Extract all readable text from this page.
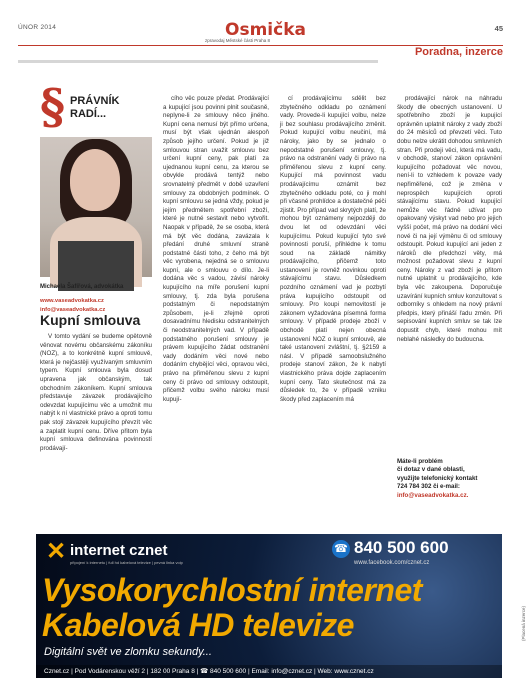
ÚNOR 2014	Osmička
zpravodaj Městské části Praha 8
45
Poradna, inzerce
§ PRÁVNÍK
RADÍ...
Michaela Šafířová, advokátka
www.vaseadvokatka.cz
info@vaseadvokatka.cz
Kupní smlouva

V tomto vydání se budeme opětovně věnovat novému občanskému zákoníku (NOZ), a to konkrétně kupní smlouvě, která je nejčastěji využívaným smluvním typem. Kupní smlouva byla dosud upravena jak občanským, tak obchodním zákoníkem. Kupní smlouva představuje závazek prodávajícího odevzdat kupujícímu věc a umožnit mu nabýt k ní vlastnické právo a oproti tomu pak stojí závazek kupujícího převzít věc a zaplatit kupní cenu. Dříve přitom byla kupní smlouva definována povinností prodávají-

cího věc pouze předat. Prodávající a kupující jsou povinni plnit současně, neplyne-li ze smlouvy něco jiného. Kupní cena nemusí být přímo určena, musí být však ujednán alespoň způsob jejího určení. Pokud je již smlouvou stran uvažit smlouvu bez určení kupní ceny, pak platí za ujednanou kupní cenu, za kterou se obvykle prodává tentýž nebo srovnatelný předmět v době uzavření smlouvy za obdobných podmínek. O kupní smlouvu se jedná vždy, pokud je jejím předmětem spotřební zboží, které je nutné sestavit nebo vytvořit. Naopak v případě, že se osoba, která má být věc dodána, zavázala k předání druhé smluvní straně podstatné části toho, z čeho má být věc vyrobena, nejedná se o smlouvu kupní, ale o smlouvu o dílo. Je-li dodána věc s vadou, závisí nároky kupujícího na míře porušení kupní smlouvy, tj. zda byla porušena podstatným či nepodstatným způsobem, je-li zřejmě oproti dosavadnímu hledisku odstranitelných či neodstranitelných vad. V případě podstatného porušení smlouvy je právem kupujícího žádat odstranění vady dodáním věci nové nebo dodáním chybějící věci, opravou věci, právo na přiměřenou slevu z kupní ceny či právo od smlouvy odstoupit, přičemž volbu svého nároku musí kupují-

cí prodávajícímu sdělit bez zbytečného odkladu po oznámení vady. Provede-li kupující volbu, nelze ji bez souhlasu prodávajícího změnit. Pokud kupující volbu neučiní, má nároky, jako by se jednalo o nepodstatné porušení smlouvy, tj. právo na odstranění vady či právo na přiměřenou slevu z kupní ceny. Kupující má povinnost vadu prodávajícímu oznámit bez zbytečného odkladu poté, co ji mohl při včasné prohlídce a dostatečné péči zjistit. Pro případ vad skrytých platí, že mohou být oznámeny nejpozději do dvou let od odevzdání věci kupujícímu. Pokud kupující tyto své povinnosti poruší, přihlédne k tomu soud na základě námitky prodávajícího, přičemž toto ustanovení je rovněž novinkou oproti stávajícímu stavu. Důsledkem pozdního oznámení vad je pozbytí práva kupujícího odstoupit od smlouvy. Pro koupi nemovitostí je zákonem vyžadována písemná forma smlouvy. V případě prodeje zboží v obchodě platí nejen obecná ustanovení NOZ o kupní smlouvě, ale také ustanovení zvláštní, tj. §2159 a násl. V případě samoobslužného prodeje stanoví zákon, že k nabytí vlastnického práva dojde zaplacením kupní ceny. Tato skutečnost má za důsledek to, že v případě vzniku škody před zaplacením má

prodávající nárok na náhradu škody dle obecných ustanovení. U spotřebního zboží je kupující oprávněn uplatnit nároky z vady zboží do 24 měsíců od převzetí věci. Tuto dobu nelze ukrátit dohodou smluvních stran. Při prodeji věci, která má vadu, v obchodě, stanoví zákon oprávnění kupujícího požadovat věc novou, není-li to vzhledem k povaze vady nepřiměřené, což je změna v neprospěch kupujících oproti stávajícímu stavu. Pokud kupující nemůže věc řádně užívat pro opakovaný výskyt vad nebo pro jejich vyšší počet, má právo na dodání věci nové či na její výměnu či od smlouvy odstoupit. Pokud kupující ani jeden z nároků dle předchozí věty, má možnost požadovat slevu z kupní ceny. Nároky z vad zboží je přitom nutné uplatnit u prodávajícího, kde byla věc zakoupena. Doporučuje uzavírání kupních smluv konzultovat s odborníky s ohledem na nový právní předpis, který přináší řadu změn. Při sepisování kupních smluv se tak lze dopustit chyb, které mohou mít neblahé následky do budoucna.

Máte-li problém
či dotaz v dané oblasti,
využijte telefonický kontakt
724 784 302 či e-mail:
info@vaseadvokatka.cz.
✕ internet cznet
připojení k internetu | full hd kabelová televize | pevná linka voip
☎ 840 500 600
www.facebook.com/cznet.cz
Vysokorychlostní internet
Kabelová HD televize
Digitální svět ve zlomku sekundy...
Cznet.cz | Pod Vodárenskou věží 2 | 182 00 Praha 8 | ☎ 840 500 600 | Email: info@cznet.cz | Web: www.cznet.cz
(Placená inzerce)
